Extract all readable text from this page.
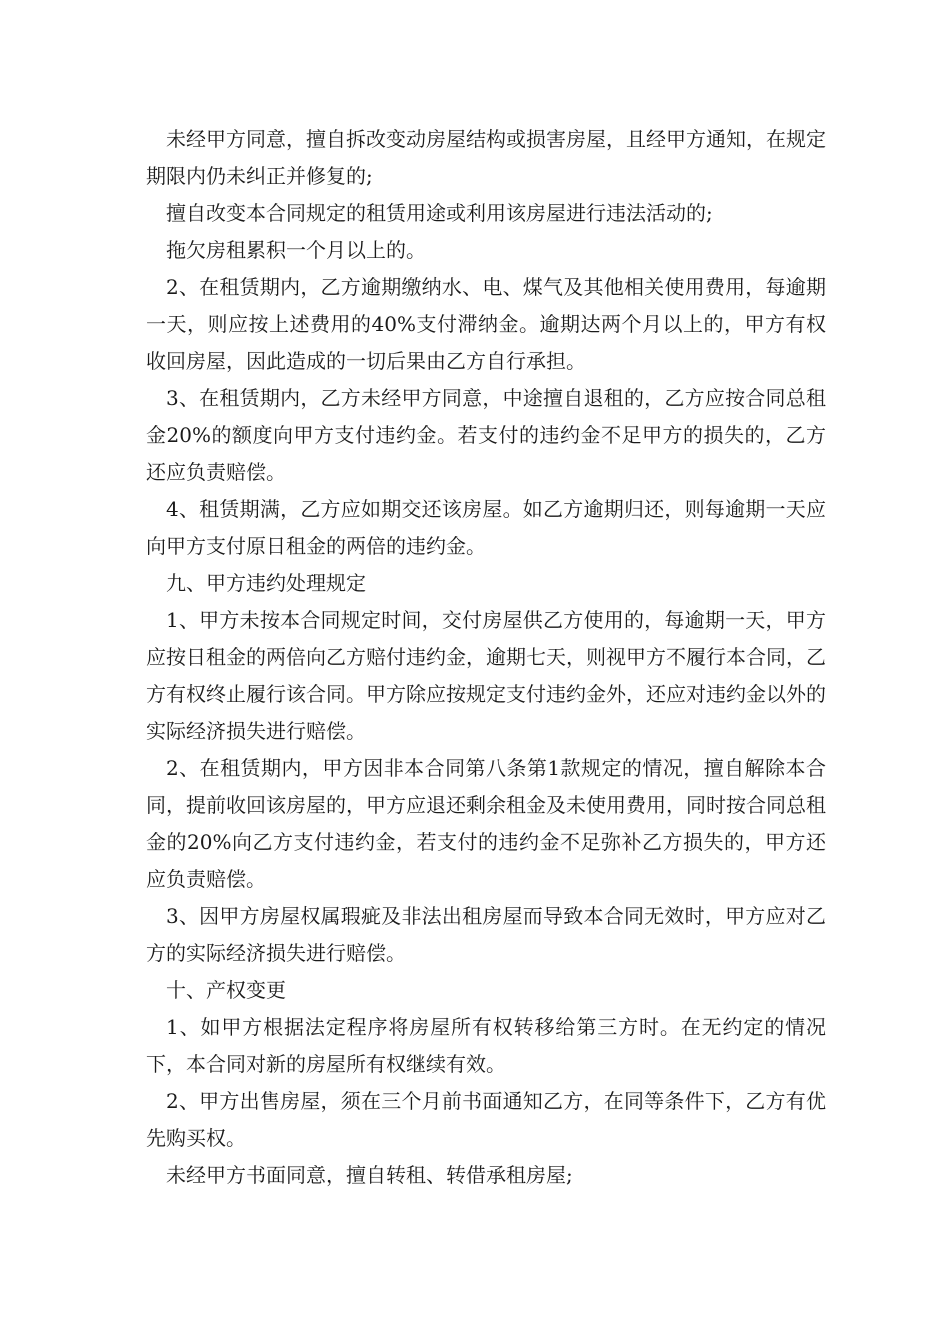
未经甲方同意，擅自拆改变动房屋结构或损害房屋，且经甲方通知，在规定期限内仍未纠正并修复的;

擅自改变本合同规定的租赁用途或利用该房屋进行违法活动的;

拖欠房租累积一个月以上的。

2、在租赁期内，乙方逾期缴纳水、电、煤气及其他相关使用费用，每逾期一天，则应按上述费用的40%支付滞纳金。逾期达两个月以上的，甲方有权收回房屋，因此造成的一切后果由乙方自行承担。

3、在租赁期内，乙方未经甲方同意，中途擅自退租的，乙方应按合同总租金20%的额度向甲方支付违约金。若支付的违约金不足甲方的损失的，乙方还应负责赔偿。

4、租赁期满，乙方应如期交还该房屋。如乙方逾期归还，则每逾期一天应向甲方支付原日租金的两倍的违约金。

九、甲方违约处理规定

1、甲方未按本合同规定时间，交付房屋供乙方使用的，每逾期一天，甲方应按日租金的两倍向乙方赔付违约金，逾期七天，则视甲方不履行本合同，乙方有权终止履行该合同。甲方除应按规定支付违约金外，还应对违约金以外的实际经济损失进行赔偿。

2、在租赁期内，甲方因非本合同第八条第1款规定的情况，擅自解除本合同，提前收回该房屋的，甲方应退还剩余租金及未使用费用，同时按合同总租金的20%向乙方支付违约金，若支付的违约金不足弥补乙方损失的，甲方还应负责赔偿。

3、因甲方房屋权属瑕疵及非法出租房屋而导致本合同无效时，甲方应对乙方的实际经济损失进行赔偿。

十、产权变更

1、如甲方根据法定程序将房屋所有权转移给第三方时。在无约定的情况下，本合同对新的房屋所有权继续有效。

2、甲方出售房屋，须在三个月前书面通知乙方，在同等条件下，乙方有优先购买权。

未经甲方书面同意，擅自转租、转借承租房屋;
